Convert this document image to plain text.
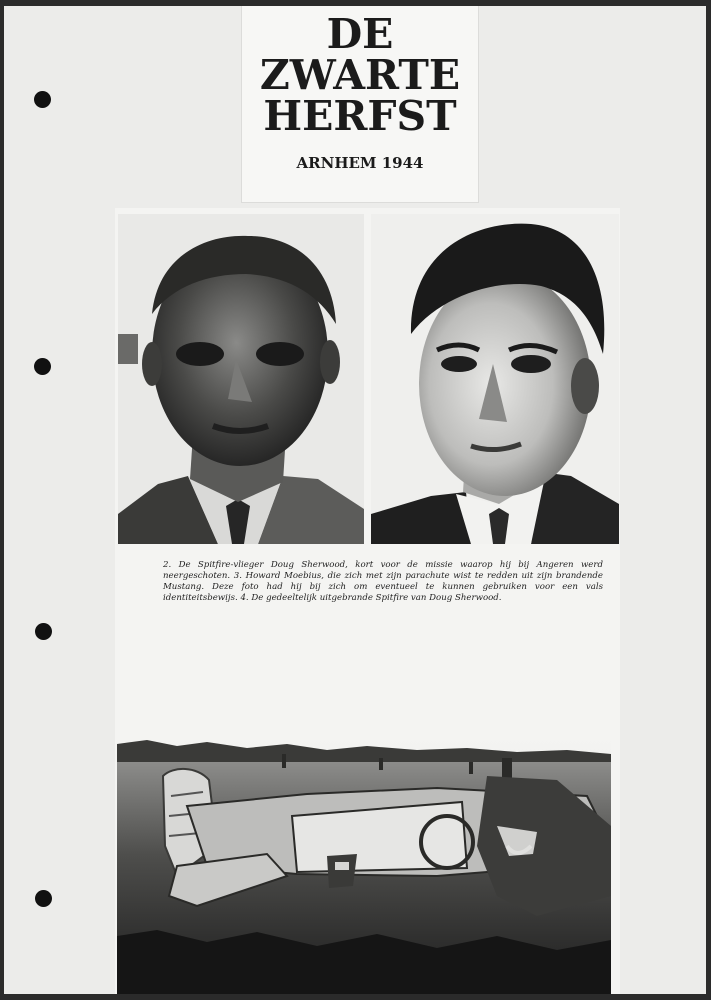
DE
ZWARTE
HERFST
ARNHEM 1944
2. De Spitfire-vlieger Doug Sherwood, kort voor de missie waarop hij bij Angeren werd neergeschoten. 3. Howard Moebius, die zich met zijn parachute wist te redden uit zijn brandende Mustang. Deze foto had hij bij zich om eventueel te kunnen gebruiken voor een vals identiteitsbewijs. 4. De gedeeltelijk uitgebrande Spitfire van Doug Sherwood.
